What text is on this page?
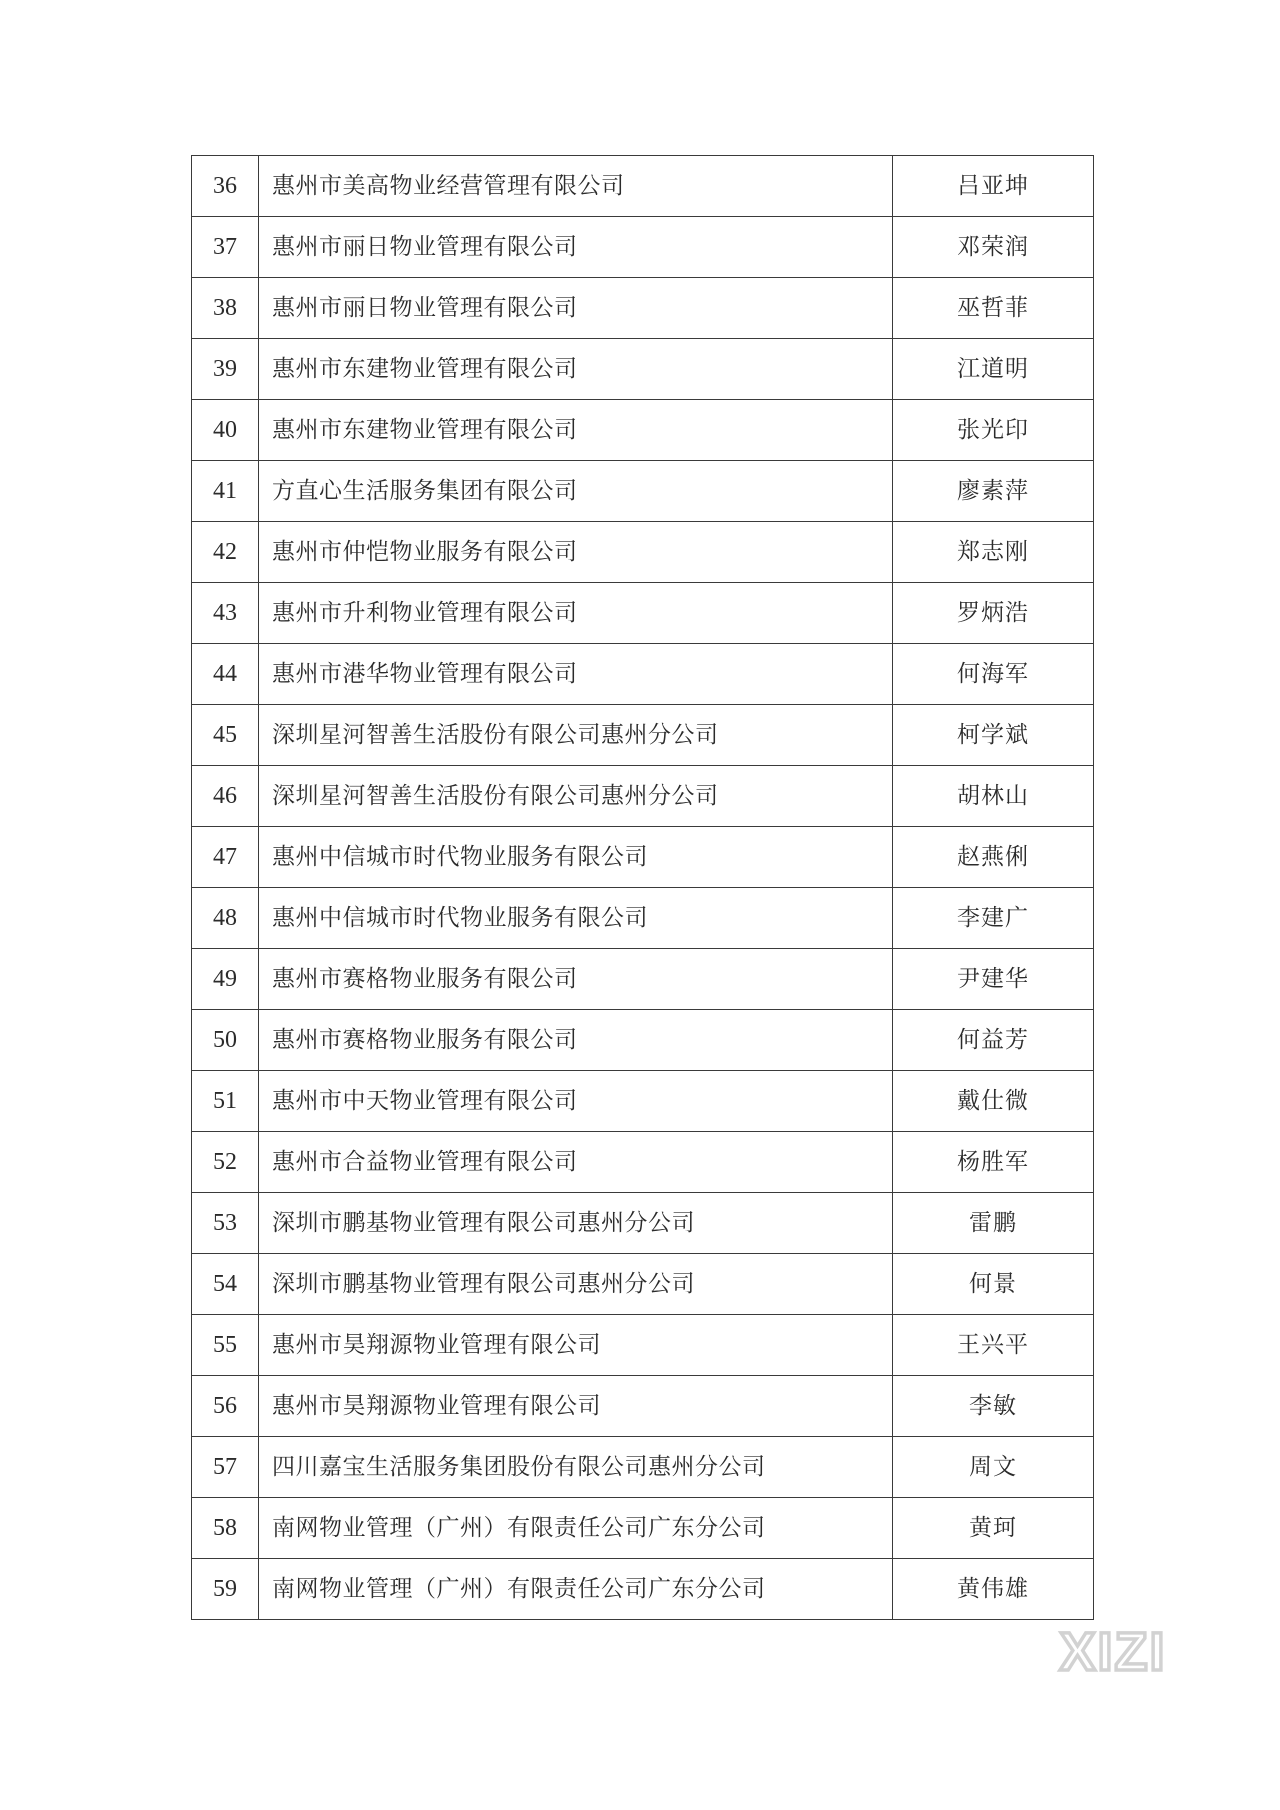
36	惠州市美高物业经营管理有限公司	吕亚坤
37	惠州市丽日物业管理有限公司	邓荣润
38	惠州市丽日物业管理有限公司	巫哲菲
39	惠州市东建物业管理有限公司	江道明
40	惠州市东建物业管理有限公司	张光印
41	方直心生活服务集团有限公司	廖素萍
42	惠州市仲恺物业服务有限公司	郑志刚
43	惠州市升利物业管理有限公司	罗炳浩
44	惠州市港华物业管理有限公司	何海军
45	深圳星河智善生活股份有限公司惠州分公司	柯学斌
46	深圳星河智善生活股份有限公司惠州分公司	胡林山
47	惠州中信城市时代物业服务有限公司	赵燕俐
48	惠州中信城市时代物业服务有限公司	李建广
49	惠州市赛格物业服务有限公司	尹建华
50	惠州市赛格物业服务有限公司	何益芳
51	惠州市中天物业管理有限公司	戴仕微
52	惠州市合益物业管理有限公司	杨胜军
53	深圳市鹏基物业管理有限公司惠州分公司	雷鹏
54	深圳市鹏基物业管理有限公司惠州分公司	何景
55	惠州市昊翔源物业管理有限公司	王兴平
56	惠州市昊翔源物业管理有限公司	李敏
57	四川嘉宝生活服务集团股份有限公司惠州分公司	周文
58	南网物业管理（广州）有限责任公司广东分公司	黄珂
59	南网物业管理（广州）有限责任公司广东分公司	黄伟雄
XIZI
